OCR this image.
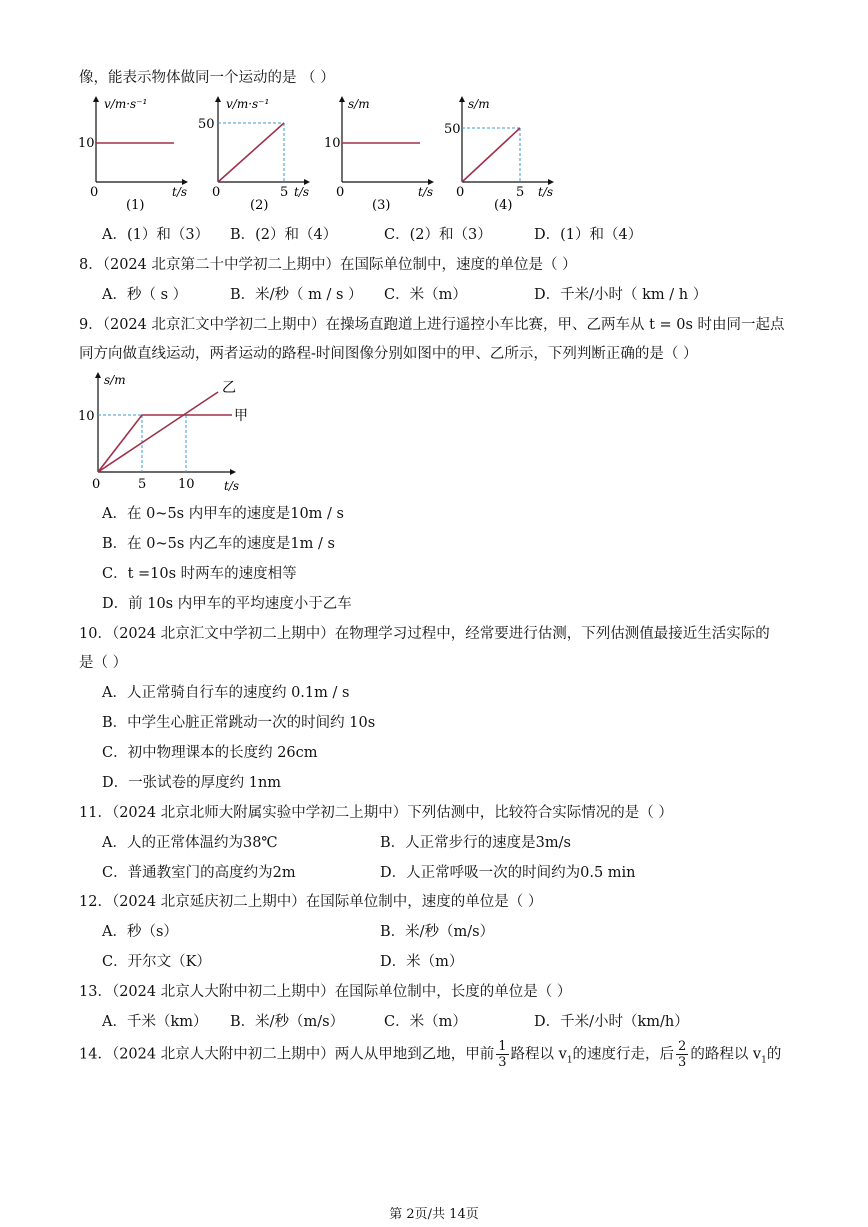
像，能表示物体做同一个运动的是 （ ）
v/m·s⁻¹
10
0	t/s
(1)
v/m·s⁻¹
50
0	5 t/s
(2)
s/m
10
0	t/s
(3)
s/m
50
0	5 t/s
(4)
A．(1）和（3） B．(2）和（4）	C．(2）和（3）	D．(1）和（4）
8．（2024 北京第二十中学初二上期中）在国际单位制中，速度的单位是（ ）
A．秒（ s ）	B．米/秒（ m / s ） C．米（m）	D．千米/小时（ km / h ）
9．（2024 北京汇文中学初二上期中）在操场直跑道上进行遥控小车比赛，甲、乙两车从 t = 0s 时由同一起点
同方向做直线运动，两者运动的路程-时间图像分别如图中的甲、乙所示，下列判断正确的是（ ）
s/m
10
0	5 10 t/s
乙
甲
A．在 0~5s 内甲车的速度是10m / s
B．在 0~5s 内乙车的速度是1m / s
C．t =10s 时两车的速度相等
D．前 10s 内甲车的平均速度小于乙车
10．（2024 北京汇文中学初二上期中）在物理学习过程中，经常要进行估测，下列估测值最接近生活实际的
是（ ）
A．人正常骑自行车的速度约 0.1m / s
B．中学生心脏正常跳动一次的时间约 10s
C．初中物理课本的长度约 26cm
D．一张试卷的厚度约 1nm
11．（2024 北京北师大附属实验中学初二上期中）下列估测中，比较符合实际情况的是（ ）
A．人的正常体温约为38℃	B．人正常步行的速度是3m/s
C．普通教室门的高度约为2m	D．人正常呼吸一次的时间约为0.5 min
12．（2024 北京延庆初二上期中）在国际单位制中，速度的单位是（ ）
A．秒（s）	B．米/秒（m/s）
C．开尔文（K）	D．米（m）
13．（2024 北京人大附中初二上期中）在国际单位制中，长度的单位是（ ）
A．千米（km） B．米/秒（m/s）	C．米（m）	D．千米/小时（km/h）
14．（2024 北京人大附中初二上期中）两人从甲地到乙地，甲前 $\frac{1}{3}$ 路程以 $v_1$的速度行走，后 $\frac{2}{3}$ 的路程以 $v_1$的
第 2页/共 14页
